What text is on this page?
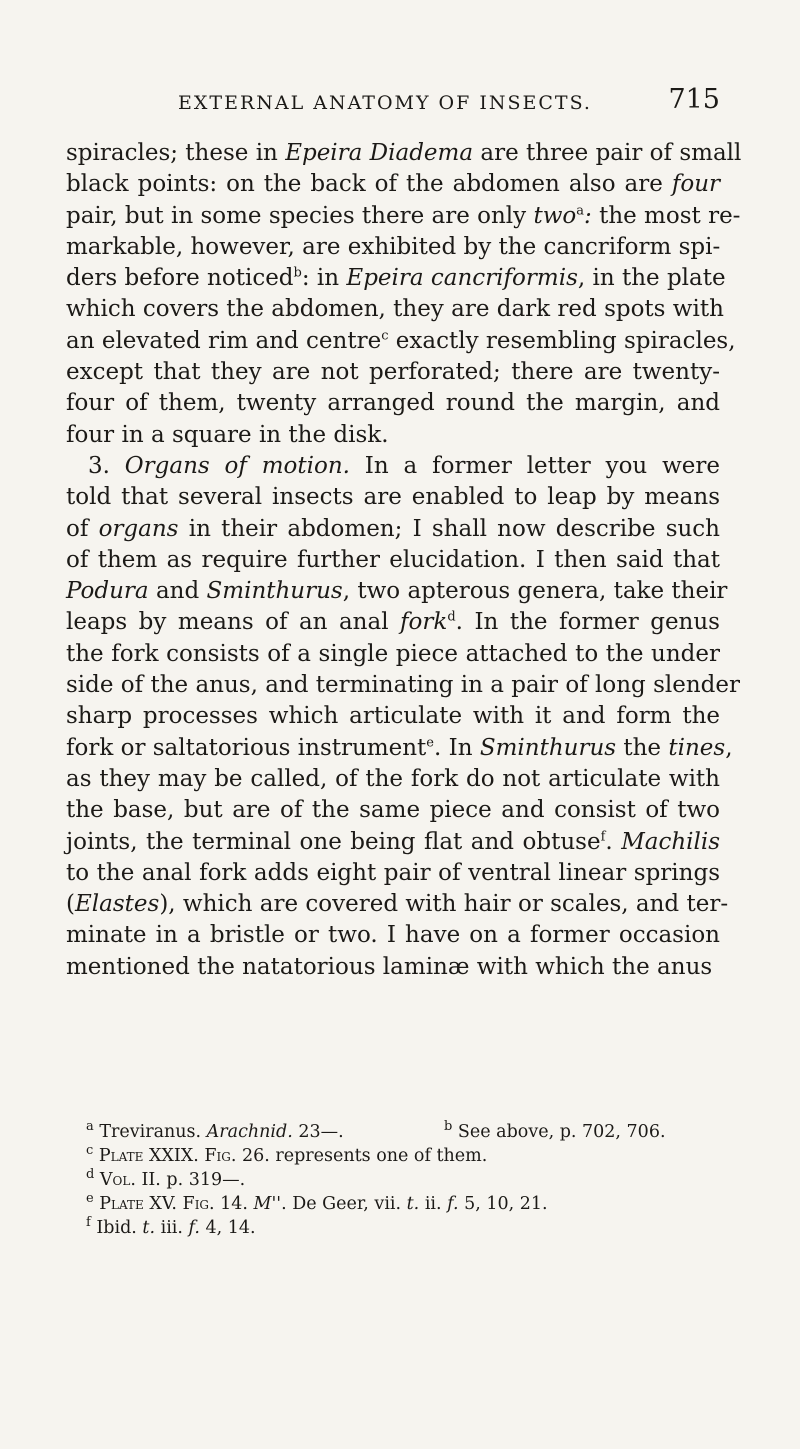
EXTERNAL ANATOMY OF INSECTS.	715
spiracles; these in Epeira Diadema are three pair of small
black points: on the back of the abdomen also are four
pair, but in some species there are only two$^a$: the most re-
markable, however, are exhibited by the cancriform spi-
ders before noticed$^b$: in Epeira cancriformis, in the plate
which covers the abdomen, they are dark red spots with
an elevated rim and centre$^c$ exactly resembling spiracles,
except that they are not perforated; there are twenty-
four of them, twenty arranged round the margin, and
four in a square in the disk.
3. Organs of motion. In a former letter you were
told that several insects are enabled to leap by means
of organs in their abdomen; I shall now describe such
of them as require further elucidation. I then said that
Podura and Sminthurus, two apterous genera, take their
leaps by means of an anal fork$^d$. In the former genus
the fork consists of a single piece attached to the under
side of the anus, and terminating in a pair of long slender
sharp processes which articulate with it and form the
fork or saltatorious instrument$^e$. In Sminthurus the tines,
as they may be called, of the fork do not articulate with
the base, but are of the same piece and consist of two
joints, the terminal one being flat and obtuse$^f$. Machilis
to the anal fork adds eight pair of ventral linear springs
(Elastes), which are covered with hair or scales, and ter-
minate in a bristle or two. I have on a former occasion
mentioned the natatorious laminæ with which the anus
$^a$ Treviranus. Arachnid. 23—.	$^b$ See above, p. 702, 706.
$^c$ Plate XXIX. Fig. 26. represents one of them.
$^d$ Vol. II. p. 319—.
$^e$ Plate XV. Fig. 14. M''. De Geer, vii. t. ii. f. 5, 10, 21.
$^f$ Ibid. t. iii. f. 4, 14.
